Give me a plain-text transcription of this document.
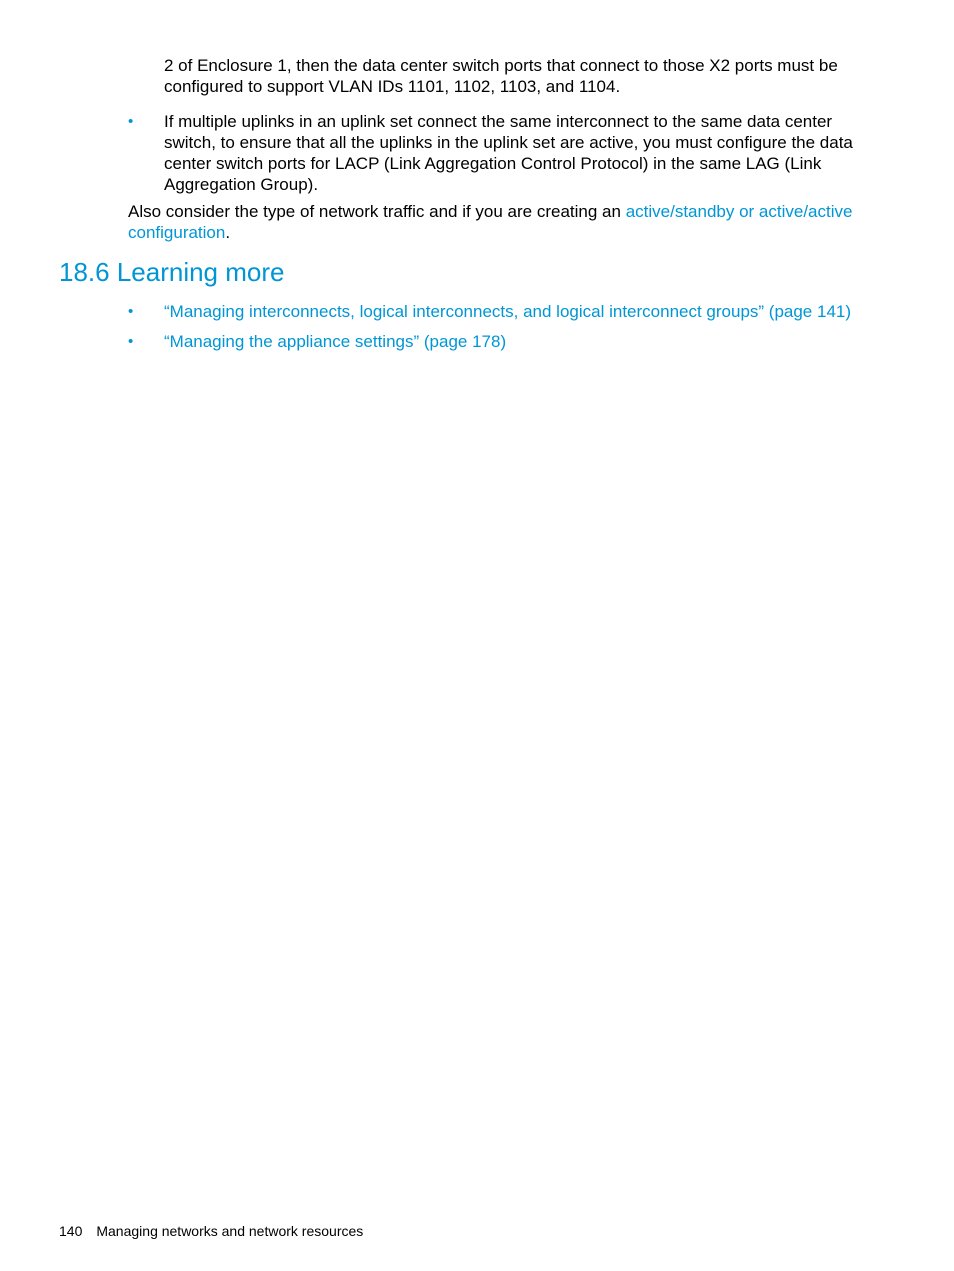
2 of Enclosure 1, then the data center switch ports that connect to those X2 ports must be configured to support VLAN IDs 1101, 1102, 1103, and 1104.

• If multiple uplinks in an uplink set connect the same interconnect to the same data center switch, to ensure that all the uplinks in the uplink set are active, you must configure the data center switch ports for LACP (Link Aggregation Control Protocol) in the same LAG (Link Aggregation Group).

Also consider the type of network traffic and if you are creating an active/standby or active/active configuration.

18.6 Learning more
• “Managing interconnects, logical interconnects, and logical interconnect groups” (page 141)
• “Managing the appliance settings” (page 178)
140 Managing networks and network resources
